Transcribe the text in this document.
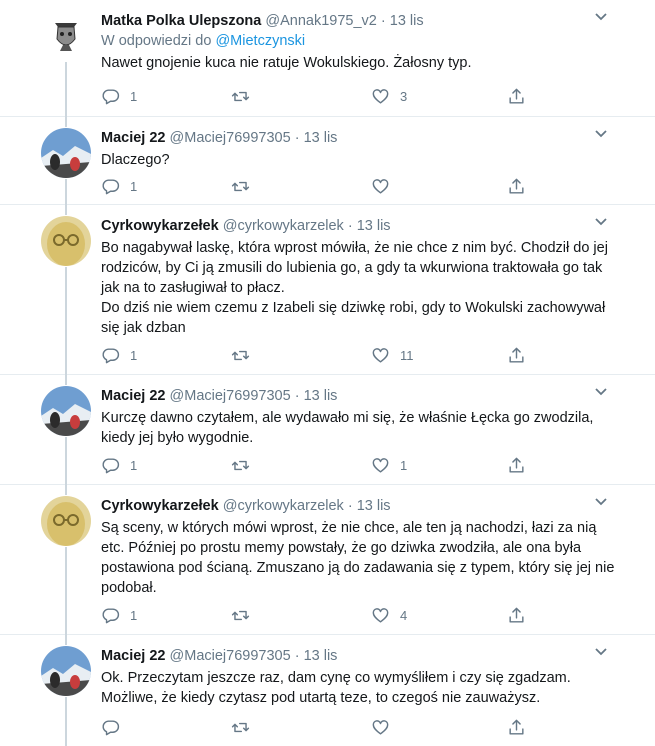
Matka Polka Ulepszona @Annak1975_v2 · 13 lis
W odpowiedzi do @Mietczynski

Nawet gnojenie kuca nie ratuje Wokulskiego. Żałosny typ.

1	3
Maciej 22 @Maciej76997305 · 13 lis

Dlaczego?

1
Cyrkowykarzełek @cyrkowykarzelek · 13 lis

Bo nagabywał laskę, która wprost mówiła, że nie chce z nim być. Chodził do jej rodziców, by Ci ją zmusili do lubienia go, a gdy ta wkurwiona traktowała go tak jak na to zasługiwał to płacz.

Do dziś nie wiem czemu z Izabeli się dziwkę robi, gdy to Wokulski zachowywał się jak dzban

1	11
Maciej 22 @Maciej76997305 · 13 lis

Kurczę dawno czytałem, ale wydawało mi się, że właśnie Łęcka go zwodzila, kiedy jej było wygodnie.

1	1
Cyrkowykarzełek @cyrkowykarzelek · 13 lis

Są sceny, w których mówi wprost, że nie chce, ale ten ją nachodzi, łazi za nią etc. Później po prostu memy powstały, że go dziwka zwodziła, ale ona była postawiona pod ścianą. Zmuszano ją do zadawania się z typem, który się jej nie podobał.

1	4
Maciej 22 @Maciej76997305 · 13 lis

Ok. Przeczytam jeszcze raz, dam cynę co wymyśliłem i czy się zgadzam. Możliwe, że kiedy czytasz pod utartą teze, to czegoś nie zauważysz.
